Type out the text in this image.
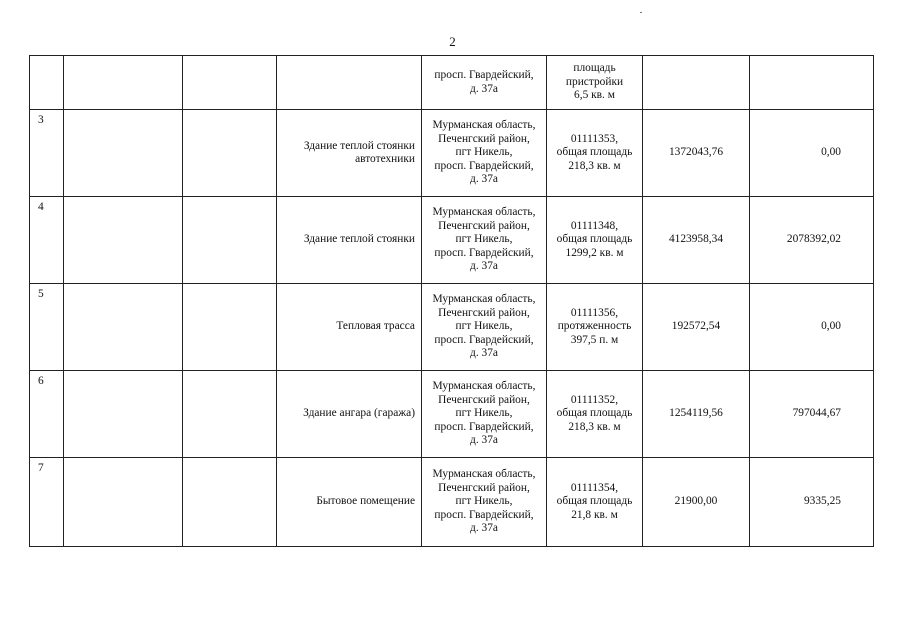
2

				просп. Гвардейский,
д. 37а	площадь
пристройки
6,5 кв. м		

3			Здание теплой стоянки
автотехники	Мурманская область,
Печенгский район,
пгт Никель,
просп. Гвардейский,
д. 37а	01111353,
общая площадь
218,3 кв. м	1372043,76	0,00
4			Здание теплой стоянки	Мурманская область,
Печенгский район,
пгт Никель,
просп. Гвардейский,
д. 37а	01111348,
общая площадь
1299,2 кв. м	4123958,34	2078392,02
5			Тепловая трасса	Мурманская область,
Печенгский район,
пгт Никель,
просп. Гвардейский,
д. 37а	01111356,
протяженность
397,5 п. м	192572,54	0,00
6			Здание ангара (гаража)	Мурманская область,
Печенгский район,
пгт Никель,
просп. Гвардейский,
д. 37а	01111352,
общая площадь
218,3 кв. м	1254119,56	797044,67
7			Бытовое помещение	Мурманская область,
Печенгский район,
пгт Никель,
просп. Гвардейский,
д. 37а	01111354,
общая площадь
21,8 кв. м	21900,00	9335,25
